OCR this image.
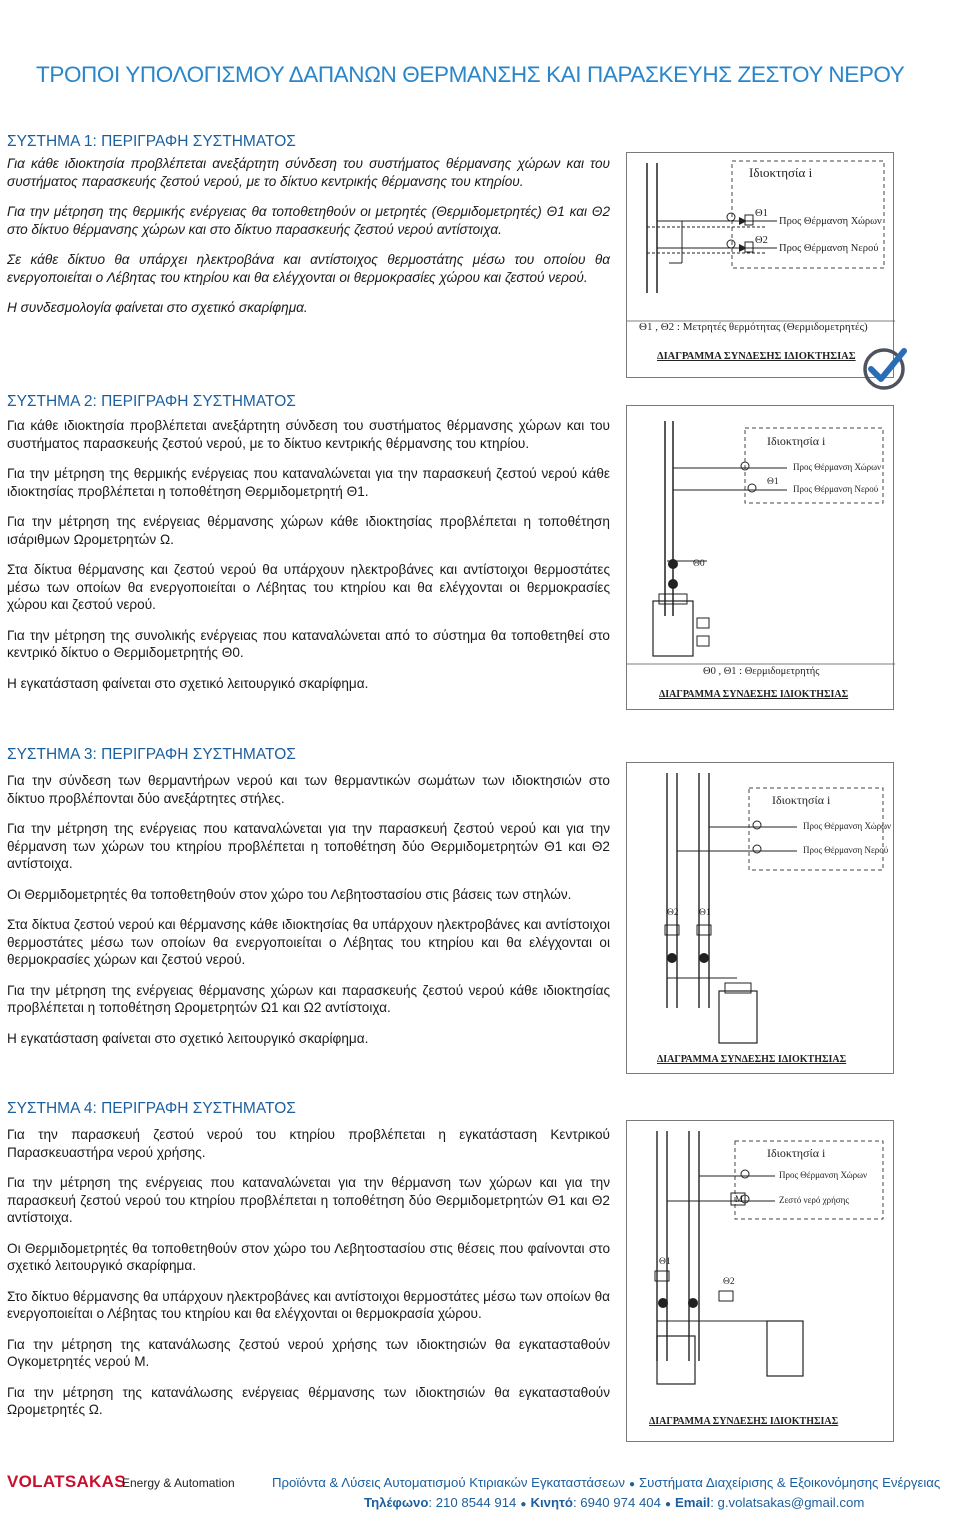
ΤΡΟΠΟΙ ΥΠΟΛΟΓΙΣΜΟΥ ΔΑΠΑΝΩΝ ΘΕΡΜΑΝΣΗΣ ΚΑΙ ΠΑΡΑΣΚΕΥΗΣ ΖΕΣΤΟΥ ΝΕΡΟΥ
ΣΥΣΤΗΜΑ 1: ΠΕΡΙΓΡΑΦΗ ΣΥΣΤΗΜΑΤΟΣ

Για κάθε ιδιοκτησία προβλέπεται ανεξάρτητη σύνδεση του συστήματος θέρμανσης χώρων και του συστήματος παρασκευής ζεστού νερού, με το δίκτυο κεντρικής θέρμανσης του κτηρίου.

Για την μέτρηση της θερμικής ενέργειας θα τοποθετηθούν οι μετρητές (Θερμιδομετρητές) Θ1 και Θ2 στο δίκτυο θέρμανσης χώρων και στο δίκτυο παρασκευής ζεστού νερού αντίστοιχα.

Σε κάθε δίκτυο θα υπάρχει ηλεκτροβάνα και αντίστοιχος θερμοστάτης μέσω του οποίου θα ενεργοποιείται ο Λέβητας του κτηρίου και θα ελέγχονται οι θερμοκρασίες χώρου και ζεστού νερού.

Η συνδεσμολογία φαίνεται στο σχετικό σκαρίφημα.

Ιδιοκτησία i
Θ1
Θ2
Προς Θέρμανση Χώρων
Προς Θέρμανση Νερού
Θ1 , Θ2 : Μετρητές θερμότητας (Θερμιδομετρητές)
ΔΙΑΓΡΑΜΜΑ ΣΥΝΔΕΣΗΣ ΙΔΙΟΚΤΗΣΙΑΣ
ΣΥΣΤΗΜΑ 2: ΠΕΡΙΓΡΑΦΗ ΣΥΣΤΗΜΑΤΟΣ

Για κάθε ιδιοκτησία προβλέπεται ανεξάρτητη σύνδεση του συστήματος θέρμανσης χώρων και του συστήματος παρασκευής ζεστού νερού, με το δίκτυο κεντρικής θέρμανσης του κτηρίου.

Για την μέτρηση της θερμικής ενέργειας που καταναλώνεται για την παρασκευή ζεστού νερού κάθε ιδιοκτησίας προβλέπεται η τοποθέτηση Θερμιδομετρητή Θ1.

Για την μέτρηση της ενέργειας θέρμανσης χώρων κάθε ιδιοκτησίας προβλέπεται η τοποθέτηση ισάριθμων Ωρομετρητών Ω.

Στα δίκτυα θέρμανσης και ζεστού νερού θα υπάρχουν ηλεκτροβάνες και αντίστοιχοι θερμοστάτες μέσω των οποίων θα ενεργοποιείται ο Λέβητας του κτηρίου και θα ελέγχονται οι θερμοκρασίες χώρου και ζεστού νερού.

Για την μέτρηση της συνολικής ενέργειας που καταναλώνεται από το σύστημα θα τοποθετηθεί στο κεντρικό δίκτυο ο Θερμιδομετρητής Θ0.

Η εγκατάσταση φαίνεται στο σχετικό λειτουργικό σκαρίφημα.

Ιδιοκτησία i
Προς Θέρμανση Χώρων
Προς Θέρμανση Νερού
Θ1
Θ0
Θ0 , Θ1 : Θερμιδομετρητής
ΔΙΑΓΡΑΜΜΑ ΣΥΝΔΕΣΗΣ ΙΔΙΟΚΤΗΣΙΑΣ
ΣΥΣΤΗΜΑ 3: ΠΕΡΙΓΡΑΦΗ ΣΥΣΤΗΜΑΤΟΣ

Για την σύνδεση των θερμαντήρων νερού και των θερμαντικών σωμάτων των ιδιοκτησιών στο δίκτυο προβλέπονται δύο ανεξάρτητες στήλες.

Για την μέτρηση της ενέργειας που καταναλώνεται για την παρασκευή ζεστού νερού και για την θέρμανση των χώρων του κτηρίου προβλέπεται η τοποθέτηση δύο Θερμιδομετρητών Θ1 και Θ2 αντίστοιχα.

Οι Θερμιδομετρητές θα τοποθετηθούν στον χώρο του Λεβητοστασίου στις βάσεις των στηλών.

Στα δίκτυα ζεστού νερού και θέρμανσης κάθε ιδιοκτησίας θα υπάρχουν ηλεκτροβάνες και αντίστοιχοι θερμοστάτες μέσω των οποίων θα ενεργοποιείται ο Λέβητας του κτηρίου και θα ελέγχονται οι θερμοκρασίες χώρων και ζεστού νερού.

Για την μέτρηση της ενέργειας θέρμανσης χώρων και παρασκευής ζεστού νερού κάθε ιδιοκτησίας προβλέπεται η τοποθέτηση Ωρομετρητών Ω1 και Ω2 αντίστοιχα.

Η εγκατάσταση φαίνεται στο σχετικό λειτουργικό σκαρίφημα.

Ιδιοκτησία i
Προς Θέρμανση Χώρων
Προς Θέρμανση Νερού
Θ2 Θ1
ΔΙΑΓΡΑΜΜΑ ΣΥΝΔΕΣΗΣ ΙΔΙΟΚΤΗΣΙΑΣ
ΣΥΣΤΗΜΑ 4: ΠΕΡΙΓΡΑΦΗ ΣΥΣΤΗΜΑΤΟΣ

Για την παρασκευή ζεστού νερού του κτηρίου προβλέπεται η εγκατάσταση Κεντρικού Παρασκευαστήρα νερού χρήσης.

Για την μέτρηση της ενέργειας που καταναλώνεται για την θέρμανση των χώρων και για την παρασκευή ζεστού νερού του κτηρίου προβλέπεται η τοποθέτηση δύο Θερμιδομετρητών Θ1 και Θ2 αντίστοιχα.

Οι Θερμιδομετρητές θα τοποθετηθούν στον χώρο του Λεβητοστασίου στις θέσεις που φαίνονται στο σχετικό λειτουργικό σκαρίφημα.

Στο δίκτυο θέρμανσης θα υπάρχουν ηλεκτροβάνες και αντίστοιχοι θερμοστάτες μέσω των οποίων θα ενεργοποιείται ο Λέβητας του κτηρίου και θα ελέγχονται οι θερμοκρασία χώρου.

Για την μέτρηση της κατανάλωσης ζεστού νερού χρήσης των ιδιοκτησιών θα εγκατασταθούν Ογκομετρητές νερού Μ.

Για την μέτρηση της κατανάλωσης ενέργειας θέρμανσης των ιδιοκτησιών θα εγκατασταθούν Ωρομετρητές Ω.

Ιδιοκτησία i
Προς Θέρμανση Χώρων
Ζεστό νερό χρήσης
Μ
Θ1
Θ2
ΔΙΑΓΡΑΜΜΑ ΣΥΝΔΕΣΗΣ ΙΔΙΟΚΤΗΣΙΑΣ
VOLATSAKAS
Energy & Automation	Προϊόντα & Λύσεις Αυτοματισμού Κτιριακών Εγκαταστάσεων ● Συστήματα Διαχείρισης & Εξοικονόμησης Ενέργειας
Τηλέφωνο: 210 8544 914 ● Κινητό: 6940 974 404 ● Email: g.volatsakas@gmail.com
